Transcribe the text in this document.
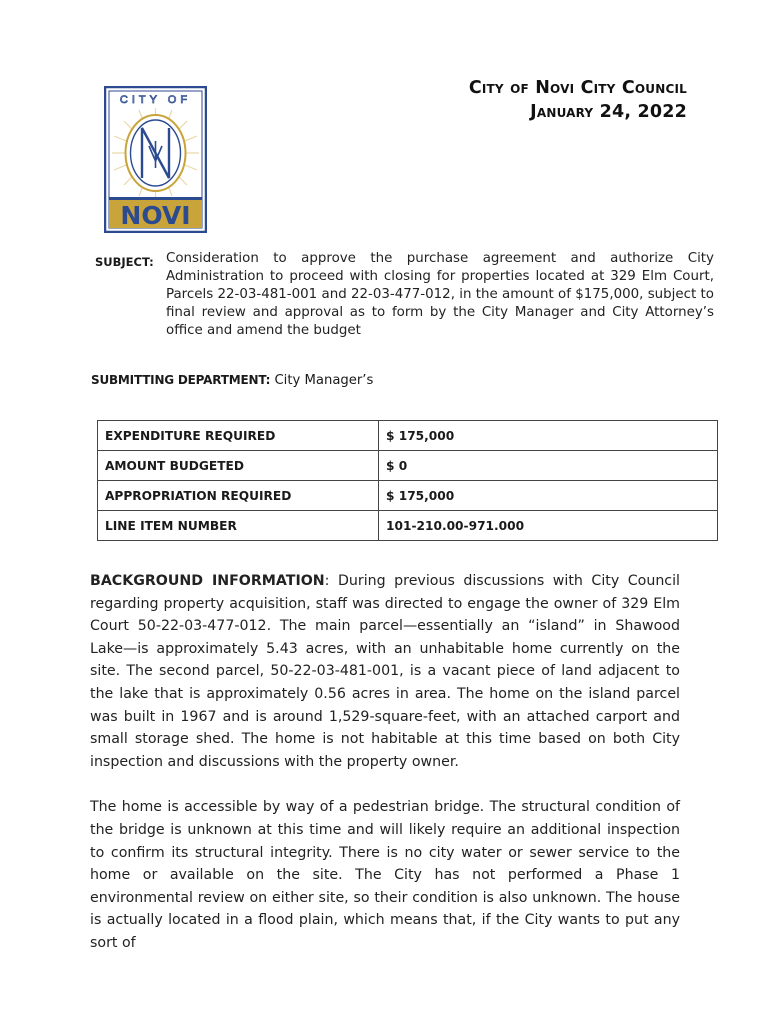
CITY OF
NOVI
City of Novi City Council
January 24, 2022
SUBJECT: Consideration to approve the purchase agreement and authorize City Administration to proceed with closing for properties located at 329 Elm Court, Parcels 22-03-481-001 and 22-03-477-012, in the amount of $175,000, subject to final review and approval as to form by the City Manager and City Attorney’s office and amend the budget
SUBMITTING DEPARTMENT: City Manager’s
EXPENDITURE REQUIRED	$ 175,000
AMOUNT BUDGETED	$ 0
APPROPRIATION REQUIRED	$ 175,000
LINE ITEM NUMBER	101-210.00-971.000

BACKGROUND INFORMATION: During previous discussions with City Council regarding property acquisition, staff was directed to engage the owner of 329 Elm Court 50-22-03-477-012. The main parcel—essentially an “island” in Shawood Lake—is approximately 5.43 acres, with an unhabitable home currently on the site. The second parcel, 50-22-03-481-001, is a vacant piece of land adjacent to the lake that is approximately 0.56 acres in area. The home on the island parcel was built in 1967 and is around 1,529-square-feet, with an attached carport and small storage shed. The home is not habitable at this time based on both City inspection and discussions with the property owner.

The home is accessible by way of a pedestrian bridge. The structural condition of the bridge is unknown at this time and will likely require an additional inspection to confirm its structural integrity. There is no city water or sewer service to the home or available on the site. The City has not performed a Phase 1 environmental review on either site, so their condition is also unknown. The house is actually located in a flood plain, which means that, if the City wants to put any sort of
